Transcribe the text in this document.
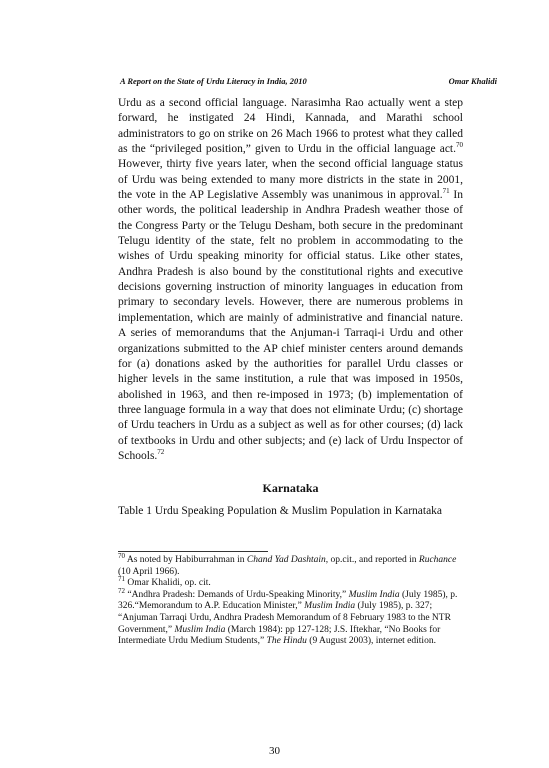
A Report on the State of Urdu Literacy in India, 2010	Omar Khalidi
Urdu as a second official language. Narasimha Rao actually went a step forward, he instigated 24 Hindi, Kannada, and Marathi school administrators to go on strike on 26 Mach 1966 to protest what they called as the “privileged position,” given to Urdu in the official language act.$^{70}$ However, thirty five years later, when the second official language status of Urdu was being extended to many more districts in the state in 2001, the vote in the AP Legislative Assembly was unanimous in approval.$^{71}$ In other words, the political leadership in Andhra Pradesh weather those of the Congress Party or the Telugu Desham, both secure in the predominant Telugu identity of the state, felt no problem in accommodating to the wishes of Urdu speaking minority for official status. Like other states, Andhra Pradesh is also bound by the constitutional rights and executive decisions governing instruction of minority languages in education from primary to secondary levels. However, there are numerous problems in implementation, which are mainly of administrative and financial nature. A series of memorandums that the Anjuman-i Tarraqi-i Urdu and other organizations submitted to the AP chief minister centers around demands for (a) donations asked by the authorities for parallel Urdu classes or higher levels in the same institution, a rule that was imposed in 1950s, abolished in 1963, and then re-imposed in 1973; (b) implementation of three language formula in a way that does not eliminate Urdu; (c) shortage of Urdu teachers in Urdu as a subject as well as for other courses; (d) lack of textbooks in Urdu and other subjects; and (e) lack of Urdu Inspector of Schools.$^{72}$
Karnataka
Table 1 Urdu Speaking Population & Muslim Population in Karnataka

$^{70}$ As noted by Habiburrahman in Chand Yad Dashtain, op.cit., and reported in Ruchance (10 April 1966).

$^{71}$ Omar Khalidi, op. cit.

$^{72}$ “Andhra Pradesh: Demands of Urdu-Speaking Minority,” Muslim India (July 1985), p. 326.“Memorandum to A.P. Education Minister,” Muslim India (July 1985), p. 327; “Anjuman Tarraqi Urdu, Andhra Pradesh Memorandum of 8 February 1983 to the NTR Government,” Muslim India (March 1984): pp 127-128; J.S. Iftekhar, “No Books for Intermediate Urdu Medium Students,” The Hindu (9 August 2003), internet edition.

30
